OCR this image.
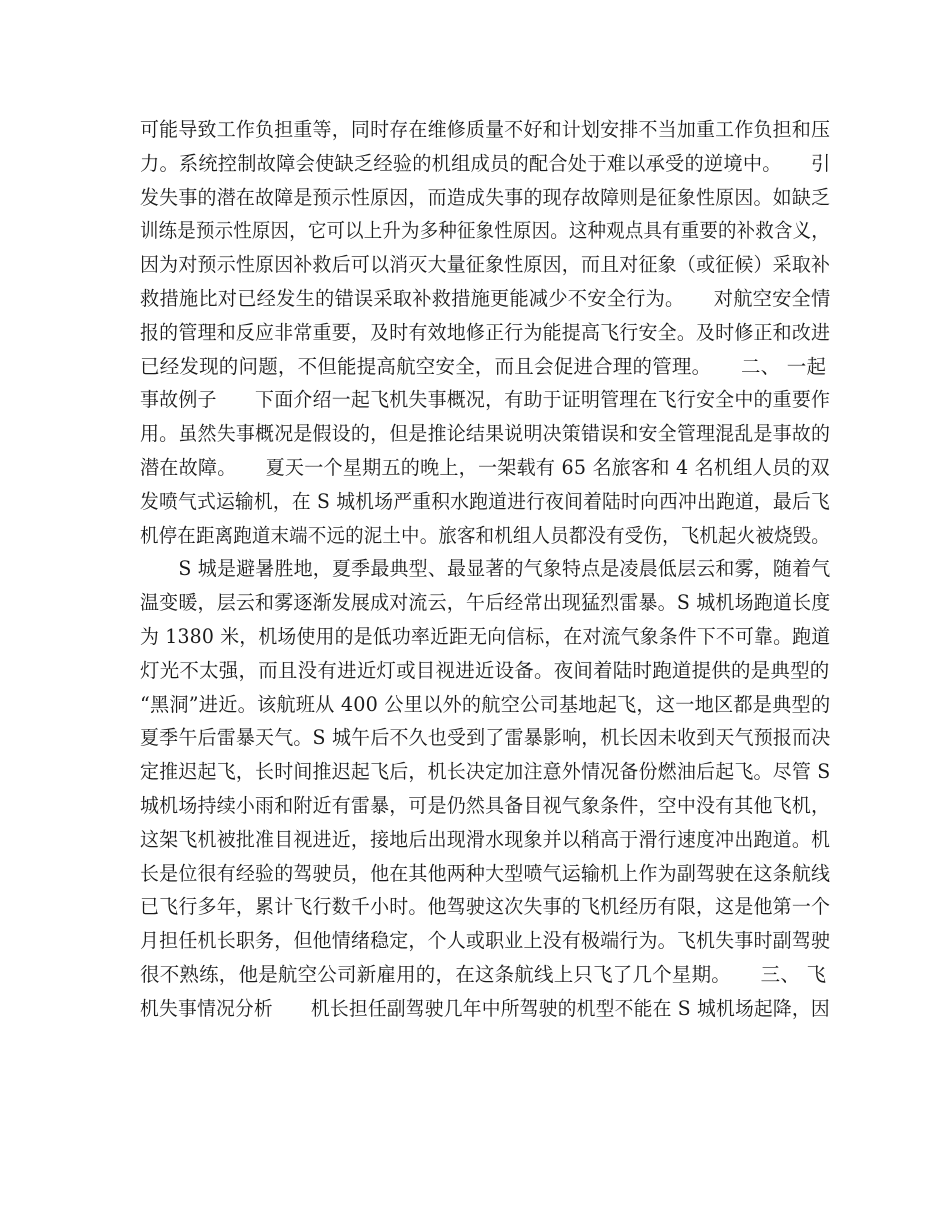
可能导致工作负担重等，同时存在维修质量不好和计划安排不当加重工作负担和压
力。系统控制故障会使缺乏经验的机组成员的配合处于难以承受的逆境中。　　引
发失事的潜在故障是预示性原因，而造成失事的现存故障则是征象性原因。如缺乏
训练是预示性原因，它可以上升为多种征象性原因。这种观点具有重要的补救含义，
因为对预示性原因补救后可以消灭大量征象性原因，而且对征象（或征候）采取补
救措施比对已经发生的错误采取补救措施更能减少不安全行为。　　对航空安全情
报的管理和反应非常重要，及时有效地修正行为能提高飞行安全。及时修正和改进
已经发现的问题，不但能提高航空安全，而且会促进合理的管理。　　二、 一起
事故例子　　下面介绍一起飞机失事概况，有助于证明管理在飞行安全中的重要作
用。虽然失事概况是假设的，但是推论结果说明决策错误和安全管理混乱是事故的
潜在故障。　　夏天一个星期五的晚上，一架载有 65 名旅客和 4 名机组人员的双
发喷气式运输机，在 S 城机场严重积水跑道进行夜间着陆时向西冲出跑道，最后飞
机停在距离跑道末端不远的泥土中。旅客和机组人员都没有受伤，飞机起火被烧毁。
　　S 城是避暑胜地，夏季最典型、最显著的气象特点是凌晨低层云和雾，随着气
温变暖，层云和雾逐渐发展成对流云，午后经常出现猛烈雷暴。S 城机场跑道长度
为 1380 米，机场使用的是低功率近距无向信标，在对流气象条件下不可靠。跑道
灯光不太强，而且没有进近灯或目视进近设备。夜间着陆时跑道提供的是典型的
“黑洞”进近。该航班从 400 公里以外的航空公司基地起飞，这一地区都是典型的
夏季午后雷暴天气。S 城午后不久也受到了雷暴影响，机长因未收到天气预报而决
定推迟起飞，长时间推迟起飞后，机长决定加注意外情况备份燃油后起飞。尽管 S
城机场持续小雨和附近有雷暴，可是仍然具备目视气象条件，空中没有其他飞机，
这架飞机被批准目视进近，接地后出现滑水现象并以稍高于滑行速度冲出跑道。机
长是位很有经验的驾驶员，他在其他两种大型喷气运输机上作为副驾驶在这条航线
已飞行多年，累计飞行数千小时。他驾驶这次失事的飞机经历有限，这是他第一个
月担任机长职务，但他情绪稳定，个人或职业上没有极端行为。飞机失事时副驾驶
很不熟练，他是航空公司新雇用的，在这条航线上只飞了几个星期。　　三、 飞
机失事情况分析　　机长担任副驾驶几年中所驾驶的机型不能在 S 城机场起降，因
